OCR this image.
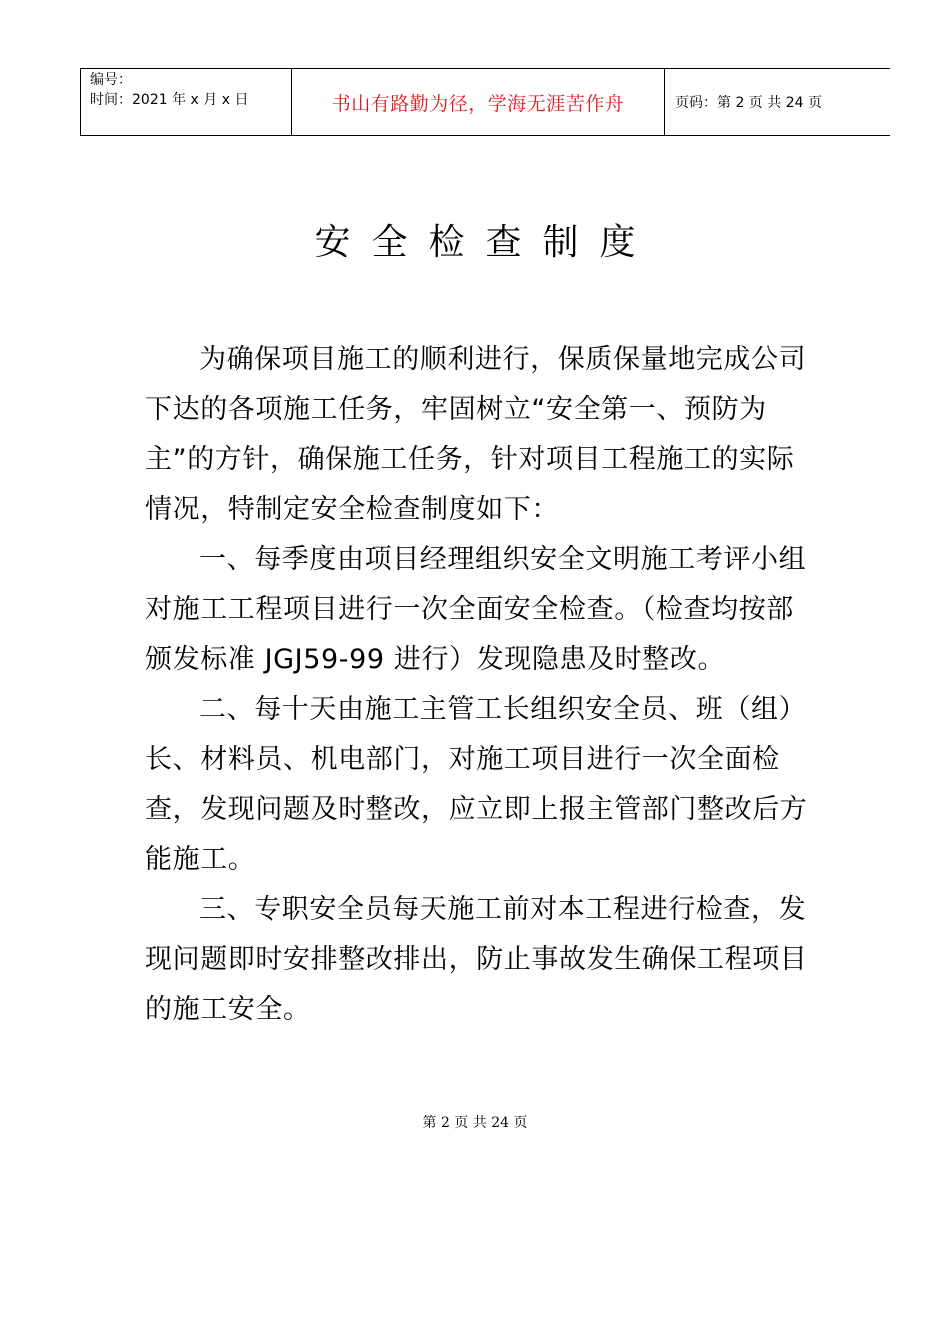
编号：
时间：2021 年 x 月 x 日	书山有路勤为径，学海无涯苦作舟	页码：第 2 页 共 24 页
安全检查制度

为确保项目施工的顺利进行，保质保量地完成公司下达的各项施工任务，牢固树立“安全第一、预防为主”的方针，确保施工任务，针对项目工程施工的实际情况，特制定安全检查制度如下：

一、每季度由项目经理组织安全文明施工考评小组对施工工程项目进行一次全面安全检查。（检查均按部颁发标准 JGJ59-99 进行）发现隐患及时整改。

二、每十天由施工主管工长组织安全员、班（组）长、材料员、机电部门，对施工项目进行一次全面检查，发现问题及时整改，应立即上报主管部门整改后方能施工。

三、专职安全员每天施工前对本工程进行检查，发现问题即时安排整改排出，防止事故发生确保工程项目的施工安全。

第 2 页 共 24 页
